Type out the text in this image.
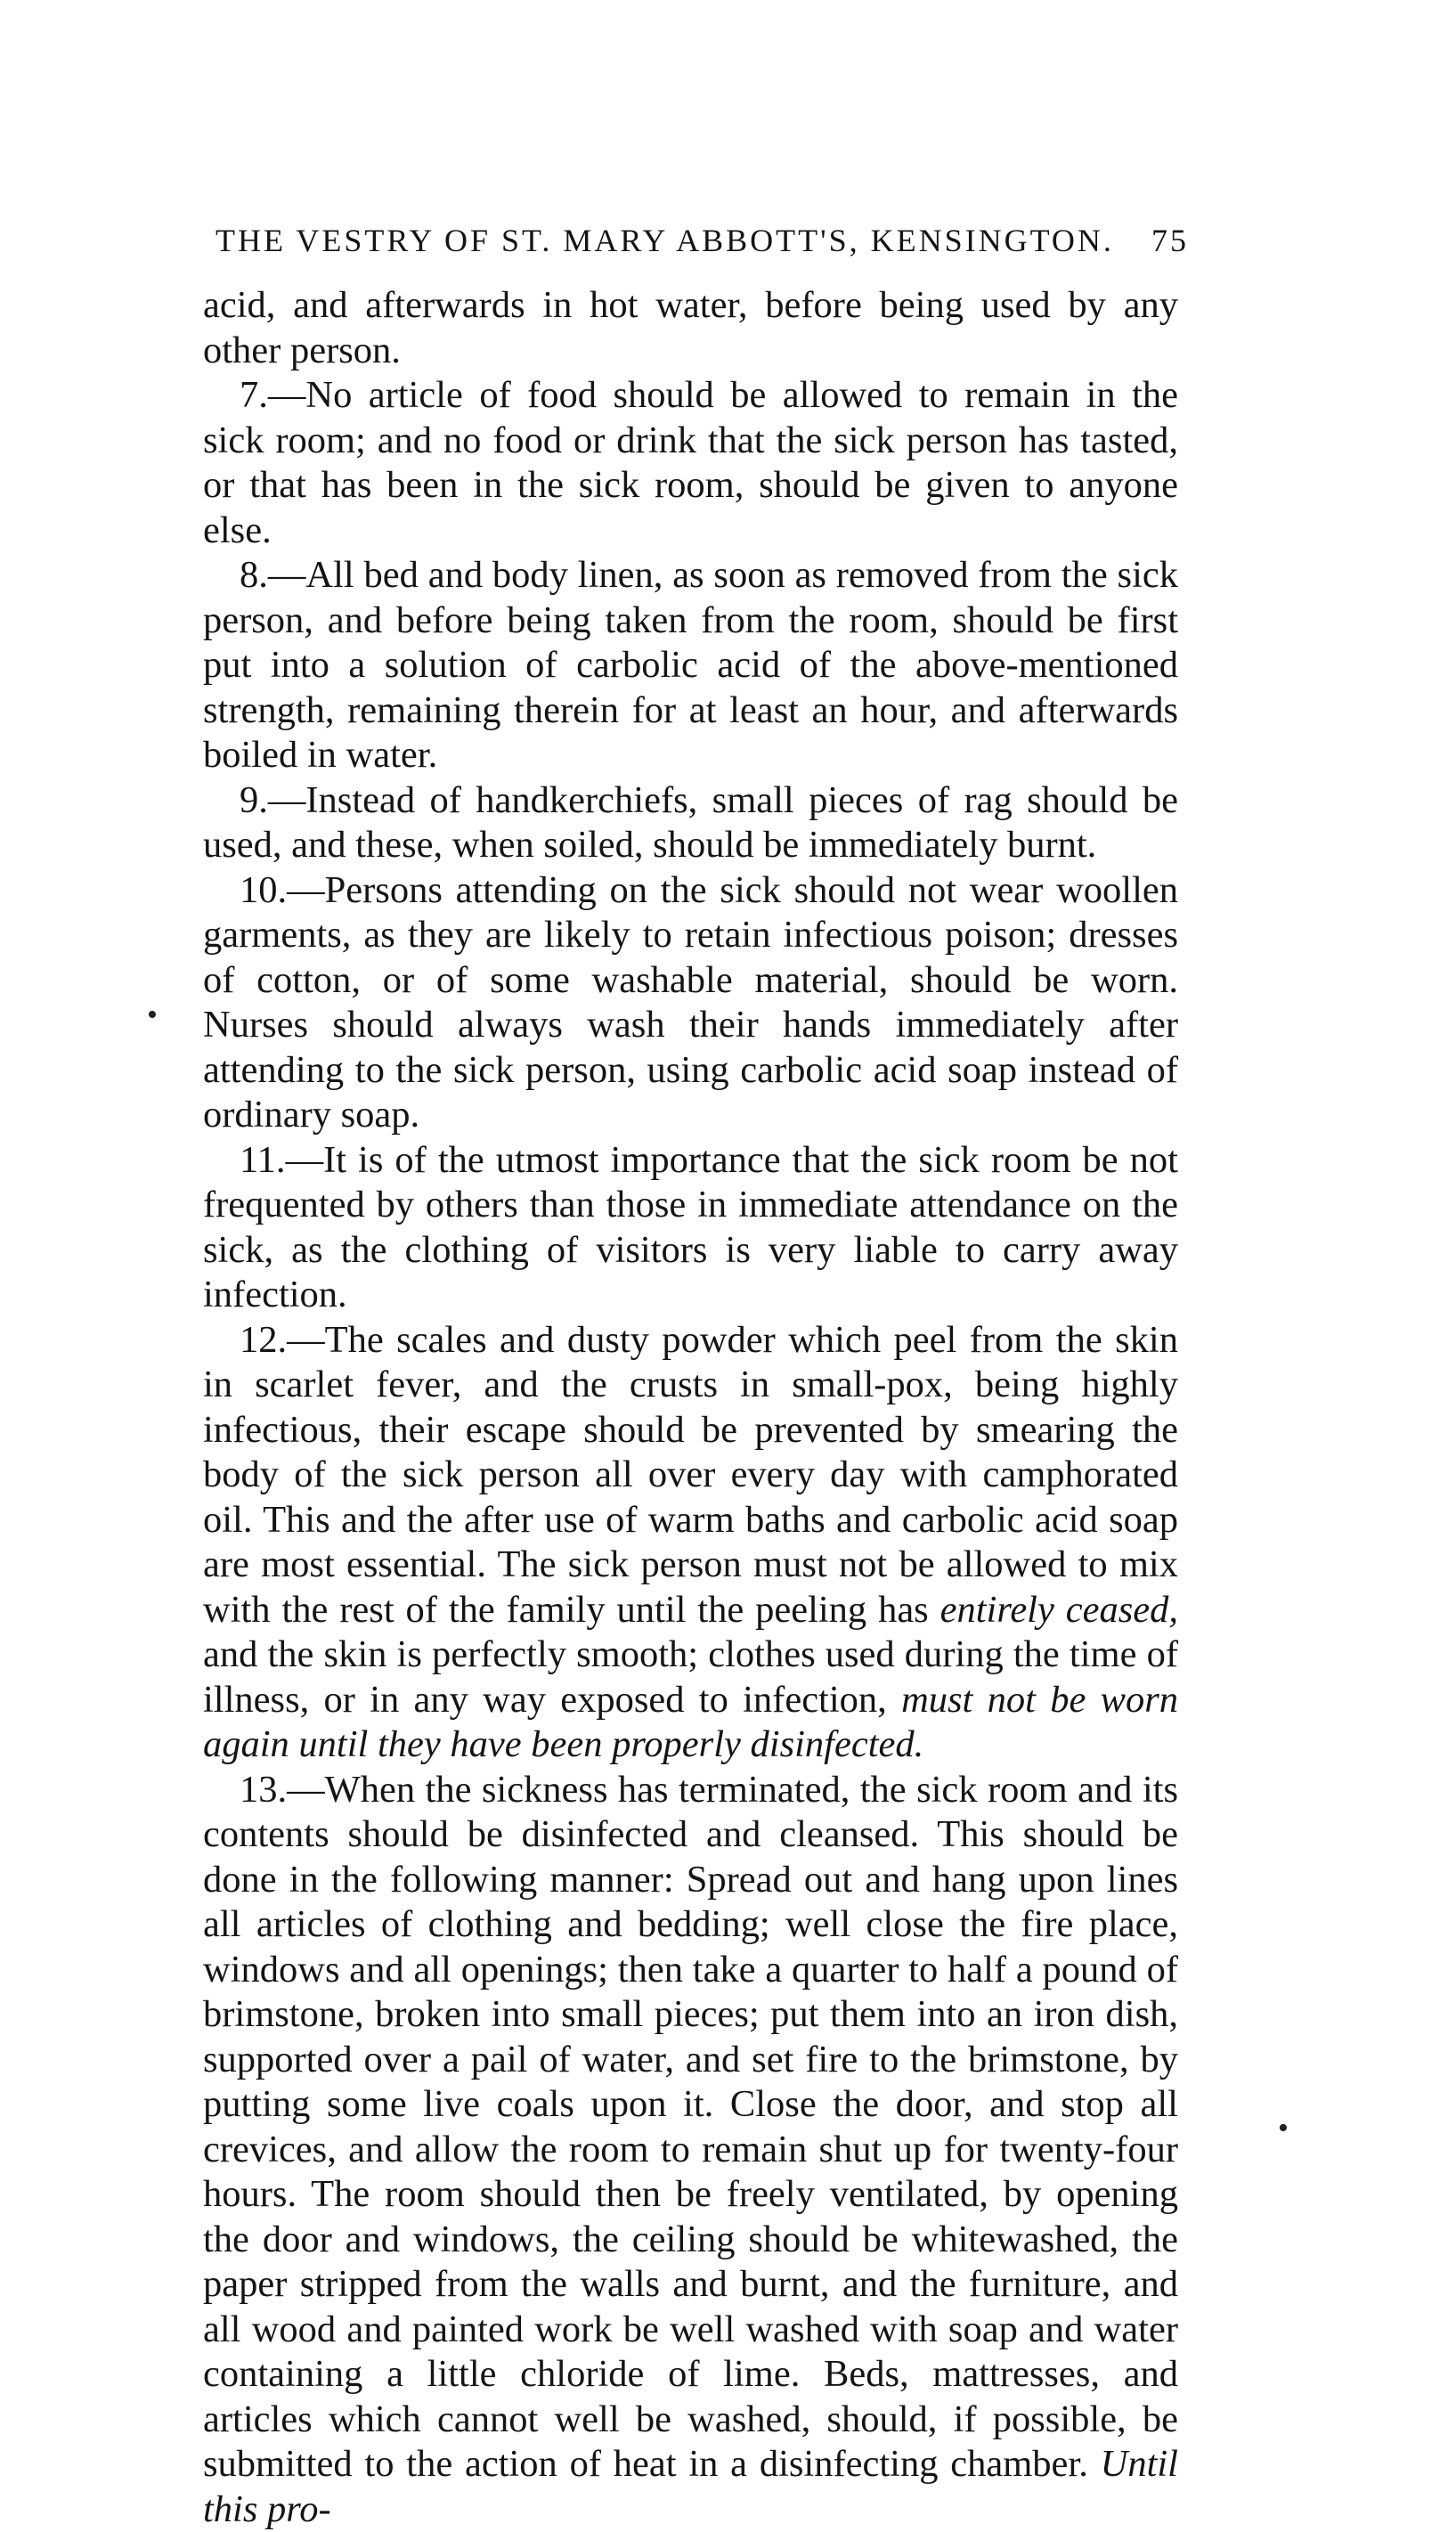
THE VESTRY OF ST. MARY ABBOTT'S, KENSINGTON. 75

acid, and afterwards in hot water, before being used by any other person.

7.—No article of food should be allowed to remain in the sick room; and no food or drink that the sick person has tasted, or that has been in the sick room, should be given to anyone else.

8.—All bed and body linen, as soon as removed from the sick person, and before being taken from the room, should be first put into a solution of carbolic acid of the above-mentioned strength, remaining therein for at least an hour, and afterwards boiled in water.

9.—Instead of handkerchiefs, small pieces of rag should be used, and these, when soiled, should be immediately burnt.

10.—Persons attending on the sick should not wear woollen garments, as they are likely to retain infectious poison; dresses of cotton, or of some washable material, should be worn. Nurses should always wash their hands immediately after attending to the sick person, using carbolic acid soap instead of ordinary soap.

11.—It is of the utmost importance that the sick room be not frequented by others than those in immediate attendance on the sick, as the clothing of visitors is very liable to carry away infection.

12.—The scales and dusty powder which peel from the skin in scarlet fever, and the crusts in small-pox, being highly infectious, their escape should be prevented by smearing the body of the sick person all over every day with camphorated oil. This and the after use of warm baths and carbolic acid soap are most essential. The sick person must not be allowed to mix with the rest of the family until the peeling has entirely ceased, and the skin is perfectly smooth; clothes used during the time of illness, or in any way exposed to infection, must not be worn again until they have been properly disinfected.

13.—When the sickness has terminated, the sick room and its contents should be disinfected and cleansed. This should be done in the following manner: Spread out and hang upon lines all articles of clothing and bedding; well close the fire place, windows and all openings; then take a quarter to half a pound of brimstone, broken into small pieces; put them into an iron dish, supported over a pail of water, and set fire to the brimstone, by putting some live coals upon it. Close the door, and stop all crevices, and allow the room to remain shut up for twenty-four hours. The room should then be freely ventilated, by opening the door and windows, the ceiling should be whitewashed, the paper stripped from the walls and burnt, and the furniture, and all wood and painted work be well washed with soap and water containing a little chloride of lime. Beds, mattresses, and articles which cannot well be washed, should, if possible, be submitted to the action of heat in a disinfecting chamber. Until this pro-

•
•
